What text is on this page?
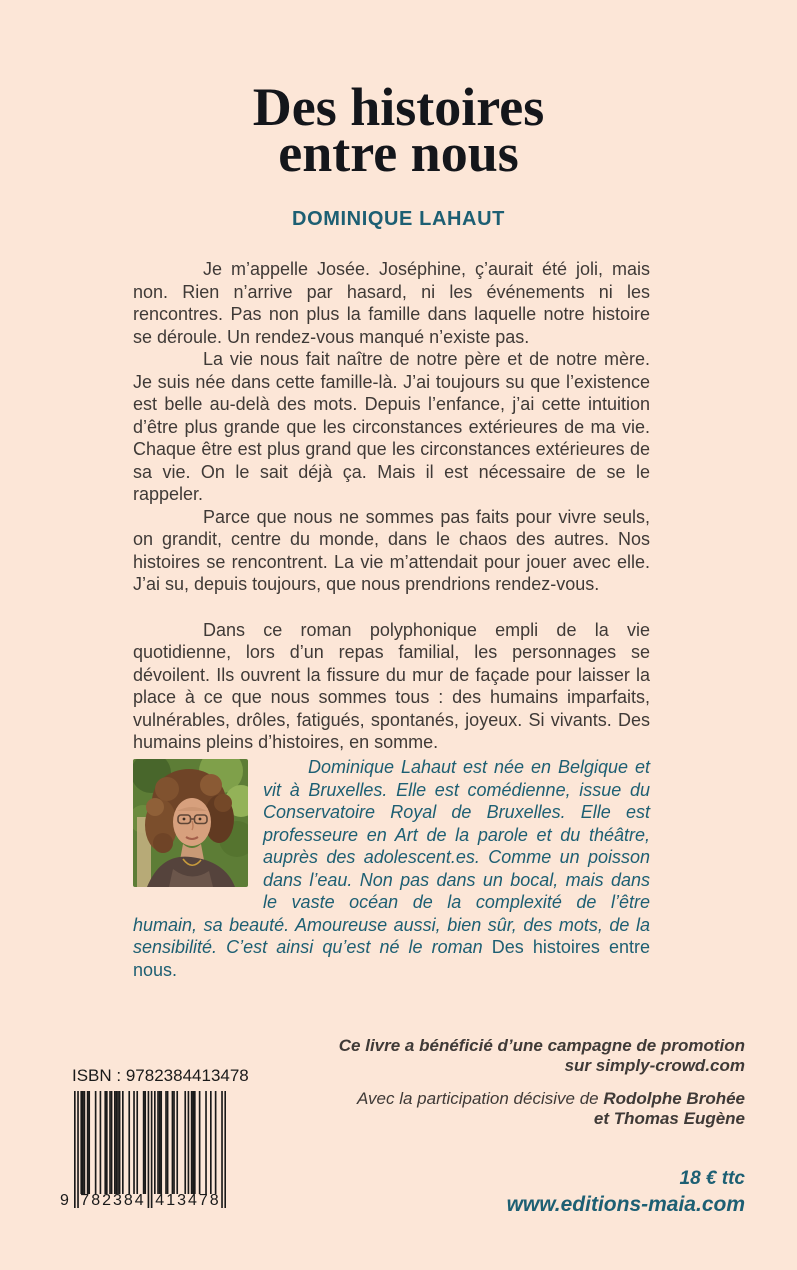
Des histoires
entre nous
DOMINIQUE LAHAUT

Je m’appelle Josée. Joséphine, ç’aurait été joli, mais non. Rien n’arrive par hasard, ni les événements ni les rencontres. Pas non plus la famille dans laquelle notre histoire se déroule. Un rendez-vous manqué n’existe pas.

La vie nous fait naître de notre père et de notre mère. Je suis née dans cette famille-là. J’ai toujours su que l’existence est belle au-delà des mots. Depuis l’enfance, j’ai cette intuition d’être plus grande que les circonstances extérieures de ma vie. Chaque être est plus grand que les circonstances extérieures de sa vie. On le sait déjà ça. Mais il est nécessaire de se le rappeler.

Parce que nous ne sommes pas faits pour vivre seuls, on grandit, centre du monde, dans le chaos des autres. Nos histoires se rencontrent. La vie m’attendait pour jouer avec elle. J’ai su, depuis toujours, que nous prendrions rendez-vous.

Dans ce roman polyphonique empli de la vie quotidienne, lors d’un repas familial, les personnages se dévoilent. Ils ouvrent la fissure du mur de façade pour laisser la place à ce que nous sommes tous : des humains imparfaits, vulnérables, drôles, fatigués, spontanés, joyeux. Si vivants. Des humains pleins d’histoires, en somme.

Dominique Lahaut est née en Belgique et vit à Bruxelles. Elle est comédienne, issue du Conservatoire Royal de Bruxelles. Elle est professeure en Art de la parole et du théâtre, auprès des adolescent.es. Comme un poisson dans l’eau. Non pas dans un bocal, mais dans le vaste océan de la complexité de l’être humain, sa beauté. Amoureuse aussi, bien sûr, des mots, de la sensibilité. C’est ainsi qu’est né le roman Des histoires entre nous.

Ce livre a bénéficié d’une campagne de promotion
sur simply-crowd.com
Avec la participation décisive de Rodolphe Brohée
et Thomas Eugène
ISBN : 9782384413478
9 782384 413478
18 € ttc
www.editions-maia.com
